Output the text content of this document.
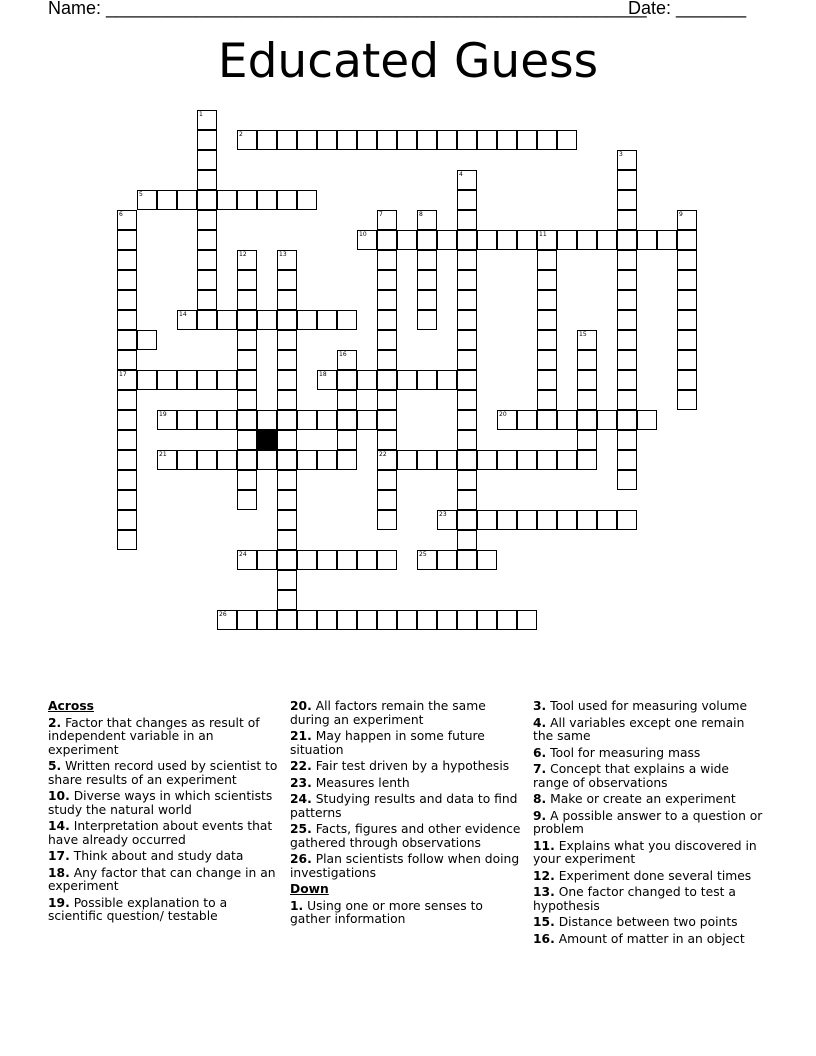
Name: ______________________________________________________
Date: _______
Educated Guess
1
2
3
4
5
6
17
7
22
8	9
10	11
12	13
14
15
16
18
19	20
21
23
24	25
26
Across
2. Factor that changes as result of independent variable in an experiment
5. Written record used by scientist to share results of an experiment
10. Diverse ways in which scientists study the natural world
14. Interpretation about events that have already occurred
17. Think about and study data
18. Any factor that can change in an experiment
19. Possible explanation to a scientific question/ testable
20. All factors remain the same during an experiment
21. May happen in some future situation
22. Fair test driven by a hypothesis
23. Measures lenth
24. Studying results and data to find patterns
25. Facts, figures and other evidence gathered through observations
26. Plan scientists follow when doing investigations
Down
1. Using one or more senses to gather information
3. Tool used for measuring volume
4. All variables except one remain the same
6. Tool for measuring mass
7. Concept that explains a wide range of observations
8. Make or create an experiment
9. A possible answer to a question or problem
11. Explains what you discovered in your experiment
12. Experiment done several times
13. One factor changed to test a hypothesis
15. Distance between two points
16. Amount of matter in an object
